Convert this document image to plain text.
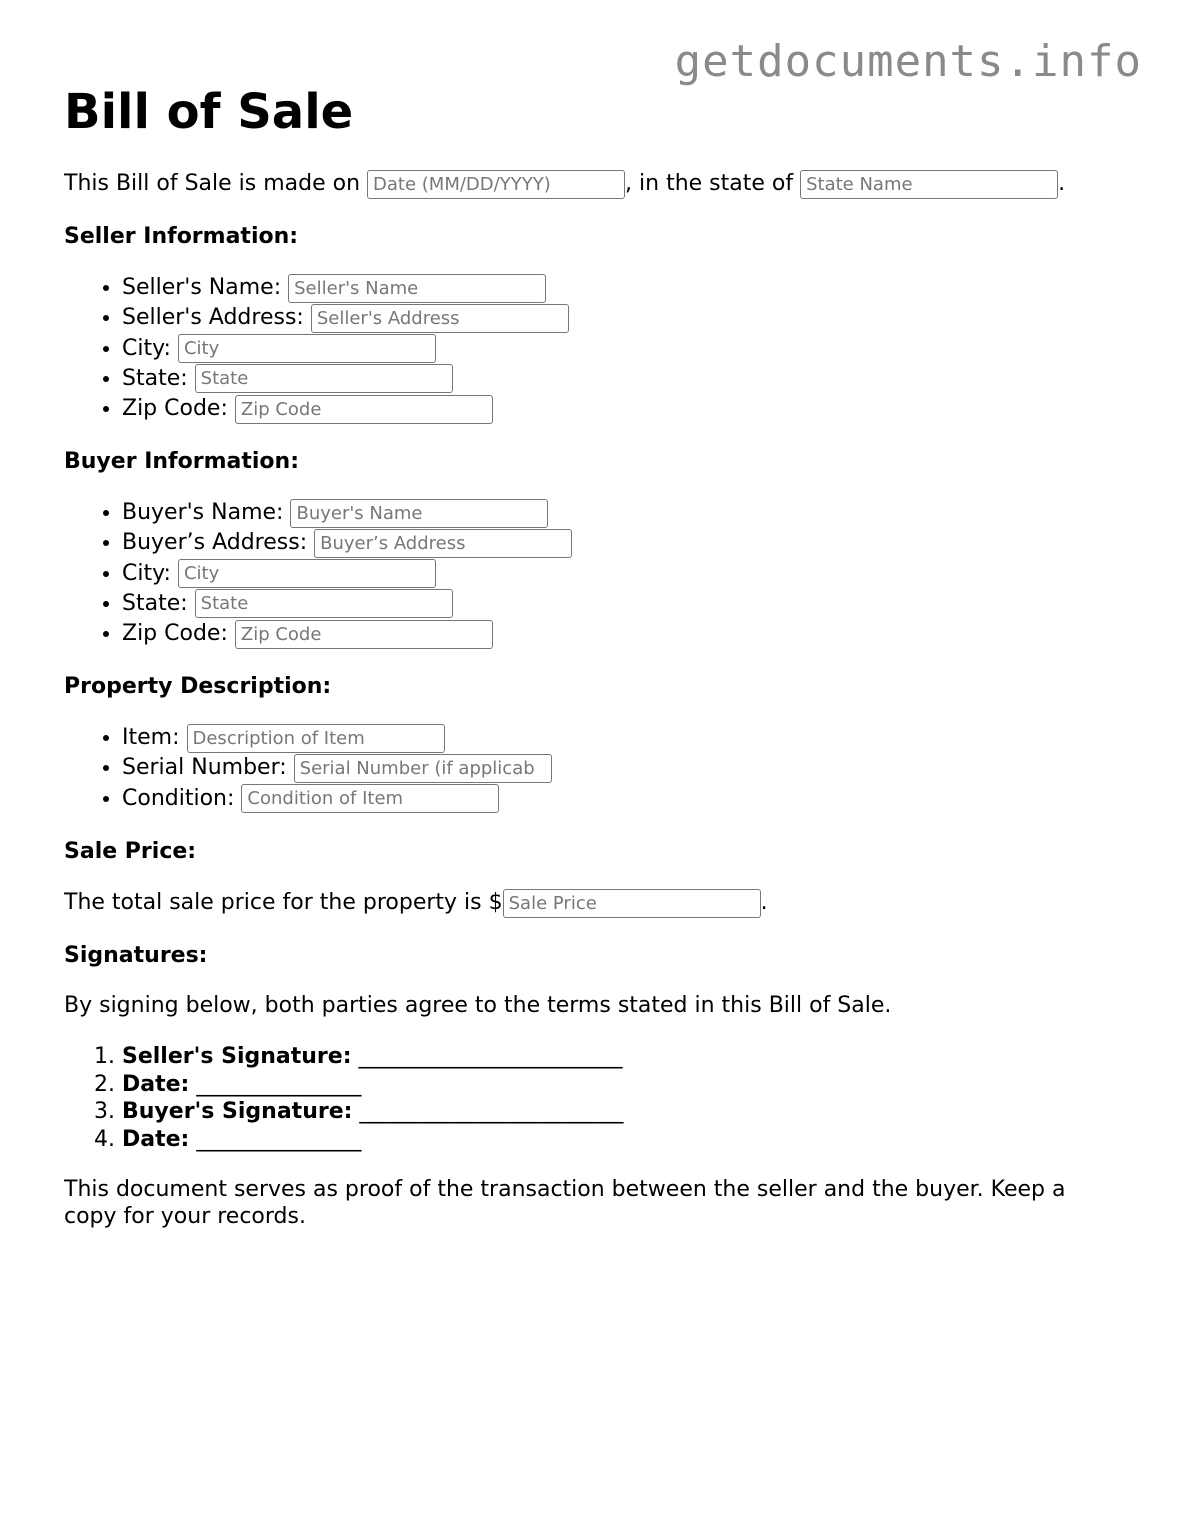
getdocuments.info
Bill of Sale
This Bill of Sale is made on Date (MM/DD/YYYY)	, in the state of State Name	.
Seller Information:
• Seller's Name: Seller's Name
• Seller's Address: Seller's Address
• City: City
• State: State
• Zip Code: Zip Code
Buyer Information:
• Buyer's Name: Buyer's Name
• Buyer’s Address: Buyer’s Address
• City: City
• State: State
• Zip Code: Zip Code
Property Description:
• Item: Description of Item
• Serial Number: Serial Number (if applicab
• Condition: Condition of Item
Sale Price:
The total sale price for the property is $Sale Price	.
Signatures:
By signing below, both parties agree to the terms stated in this Bill of Sale.
1. Seller's Signature: ________________________
2. Date: _______________
3. Buyer's Signature: ________________________
4. Date: _______________
This document serves as proof of the transaction between the seller and the buyer. Keep a copy for your records.
